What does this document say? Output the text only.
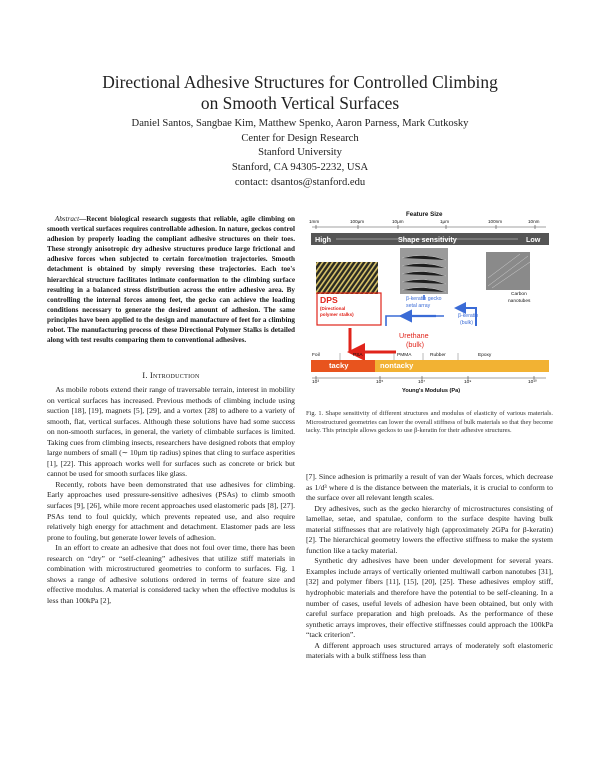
Directional Adhesive Structures for Controlled Climbing
on Smooth Vertical Surfaces
Daniel Santos, Sangbae Kim, Matthew Spenko, Aaron Parness, Mark Cutkosky
Center for Design Research
Stanford University
Stanford, CA 94305-2232, USA
contact: dsantos@stanford.edu

Abstract—Recent biological research suggests that reliable, agile climbing on smooth vertical surfaces requires controllable adhesion. In nature, geckos control adhesion by properly loading the compliant adhesive structures on their toes. These strongly anisotropic dry adhesive structures produce large frictional and adhesive forces when subjected to certain force/motion trajectories. Smooth detachment is obtained by simply reversing these trajectories. Each toe's hierarchical structure facilitates intimate conformation to the climbing surface resulting in a balanced stress distribution across the entire adhesive area. By controlling the internal forces among feet, the gecko can achieve the loading conditions necessary to generate the desired amount of adhesion. The same principles have been applied to the design and manufacture of feet for a climbing robot. The manufacturing process of these Directional Polymer Stalks is detailed along with test results comparing them to conventional adhesives.

I. Introduction

As mobile robots extend their range of traversable terrain, interest in mobility on vertical surfaces has increased. Previous methods of climbing include using suction [18], [19], magnets [5], [29], and a vortex [28] to adhere to a variety of smooth, flat, vertical surfaces. Although these solutions have had some success on non-smooth surfaces, in general, the variety of climbable surfaces is limited. Taking cues from climbing insects, researchers have designed robots that employ large numbers of small (∼ 10μm tip radius) spines that cling to surface asperities [1], [22]. This approach works well for surfaces such as concrete or brick but cannot be used for smooth surfaces like glass.

Recently, robots have been demonstrated that use adhesives for climbing. Early approaches used pressure-sensitive adhesives (PSAs) to climb smooth surfaces [9], [26], while more recent approaches used elastomeric pads [8], [27]. PSAs tend to foul quickly, which prevents repeated use, and also require relatively high energy for attachment and detachment. Elastomer pads are less prone to fouling, but generate lower levels of adhesion.

In an effort to create an adhesive that does not foul over time, there has been research on “dry” or “self-cleaning” adhesives that utilize stiff materials in combination with microstructured geometries to conform to surfaces. Fig. 1 shows a range of adhesive solutions ordered in terms of feature size and effective modulus. A material is considered tacky when the effective modulus is less than 100kPa [2],

Feature Size
1mm	100μm	10μm	1μm	100nm	10nm
High	Shape sensitivity	Low
DPS
(Directional
polymer stalks)
β-keratin gecko
setal array
β-keratin
(bulk)
Urethane
(bulk)
Carbon
nanotubes
Foil	PSA	PMMA	Rubber	Epoxy
tacky	nontacky
10³	10⁵	10⁷	10⁹	10¹⁰
Young's Modulus (Pa)
Fig. 1. Shape sensitivity of different structures and modulus of elasticity of various materials. Microstructured geometries can lower the overall stiffness of bulk materials so that they become tacky. This principle allows geckos to use β-keratin for their adhesive structures.

[7]. Since adhesion is primarily a result of van der Waals forces, which decrease as 1/d³ where d is the distance between the materials, it is crucial to conform to the surface over all relevant length scales.

Dry adhesives, such as the gecko hierarchy of microstructures consisting of lamellae, setae, and spatulae, conform to the surface despite having bulk material stiffnesses that are relatively high (approximately 2GPa for β-keratin) [2]. The hierarchical geometry lowers the effective stiffness to make the system function like a tacky material.

Synthetic dry adhesives have been under development for several years. Examples include arrays of vertically oriented multiwall carbon nanotubes [31], [32] and polymer fibers [11], [15], [20], [25]. These adhesives employ stiff, hydrophobic materials and therefore have the potential to be self-cleaning. In a number of cases, useful levels of adhesion have been obtained, but only with careful surface preparation and high preloads. As the performance of these synthetic arrays improves, their effective stiffnesses could approach the 100kPa “tack criterion”.

A different approach uses structured arrays of moderately soft elastomeric materials with a bulk stiffness less than
